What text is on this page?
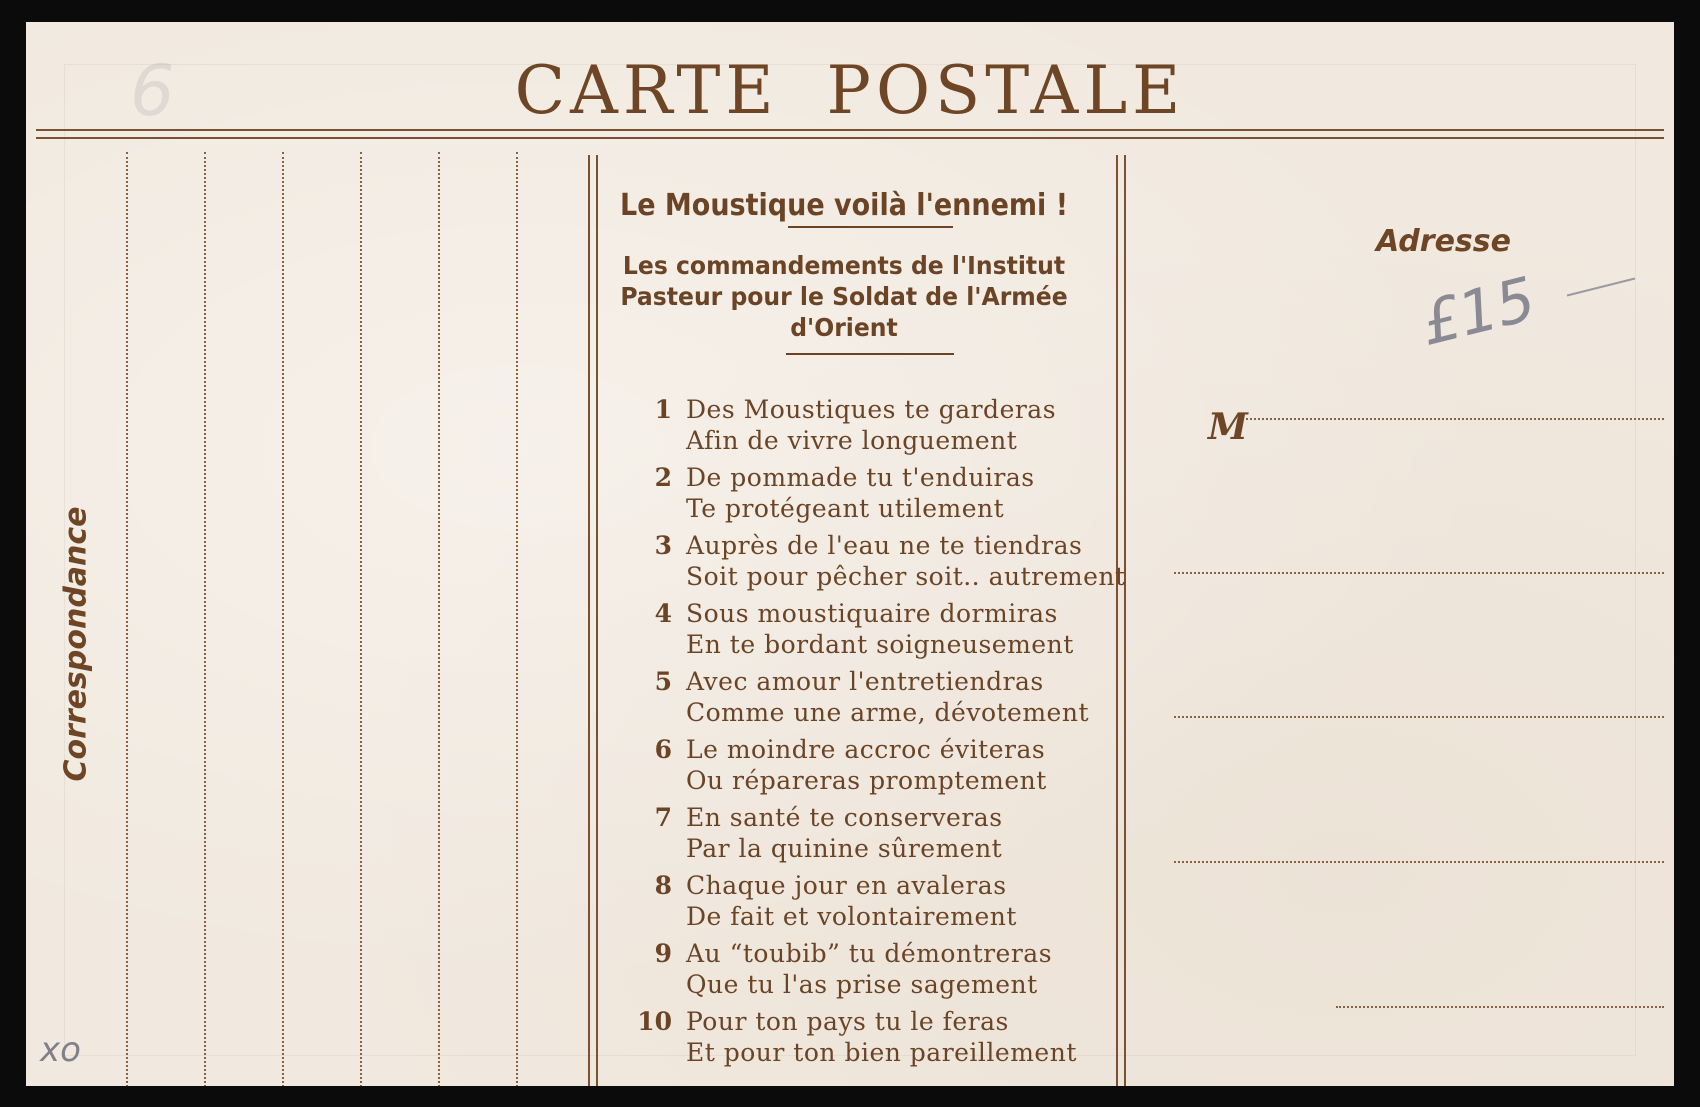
CARTE POSTALE
6
Correspondance
Le Moustique voilà l'ennemi !
Les commandements de l'Institut
Pasteur pour le Soldat de l'Armée
d'Orient
1 Des Moustiques te garderas
Afin de vivre longuement
2 De pommade tu t'enduiras
Te protégeant utilement
3 Auprès de l'eau ne te tiendras
Soit pour pêcher soit.. autrement
4 Sous moustiquaire dormiras
En te bordant soigneusement
5 Avec amour l'entretiendras
Comme une arme, dévotement
6 Le moindre accroc éviteras
Ou répareras promptement
7 En santé te conserveras
Par la quinine sûrement
8 Chaque jour en avaleras
De fait et volontairement
9 Au “toubib” tu démontreras
Que tu l'as prise sagement
10 Pour ton pays tu le feras
Et pour ton bien pareillement
Adresse
£15
M
xo
